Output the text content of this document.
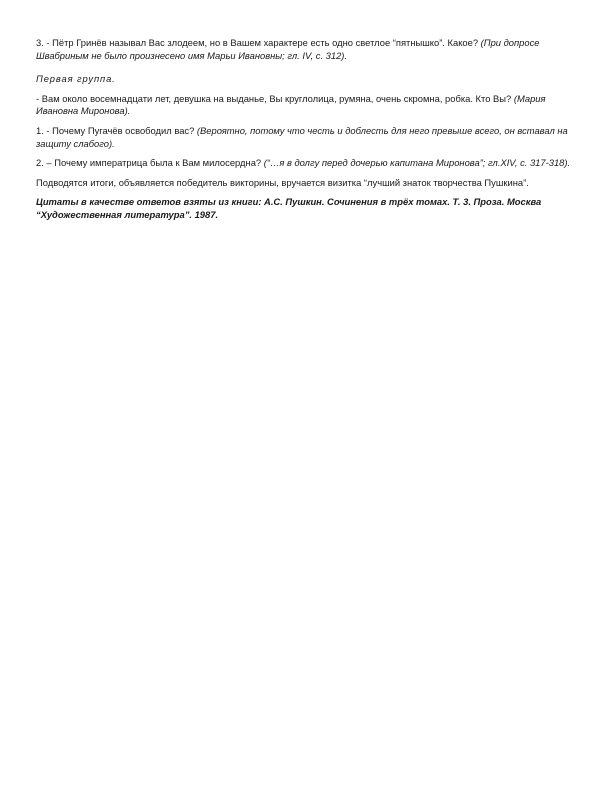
3. - Пётр Гринёв называл Вас злодеем, но в Вашем характере есть одно светлое “пятнышко”. Какое? (При допросе Швабриным не было произнесено имя Марьи Ивановны; гл. IV, с. 312).

Первая группа.

- Вам около восемнадцати лет, девушка на выданье, Вы круглолица, румяна, очень скромна, робка. Кто Вы? (Мария Ивановна Миронова).

1. - Почему Пугачёв освободил вас? (Вероятно, потому что честь и доблесть для него превыше всего, он вставал на защиту слабого).

2. – Почему императрица была к Вам милосердна? (“…я в долгу перед дочерью капитана Миронова”; гл.XIV, с. 317-318).

Подводятся итоги, объявляется победитель викторины, вручается визитка “лучший знаток творчества Пушкина”.

Цитаты в качестве ответов взяты из книги: А.С. Пушкин. Сочинения в трёх томах. Т. 3. Проза. Москва “Художественная литература”. 1987.
